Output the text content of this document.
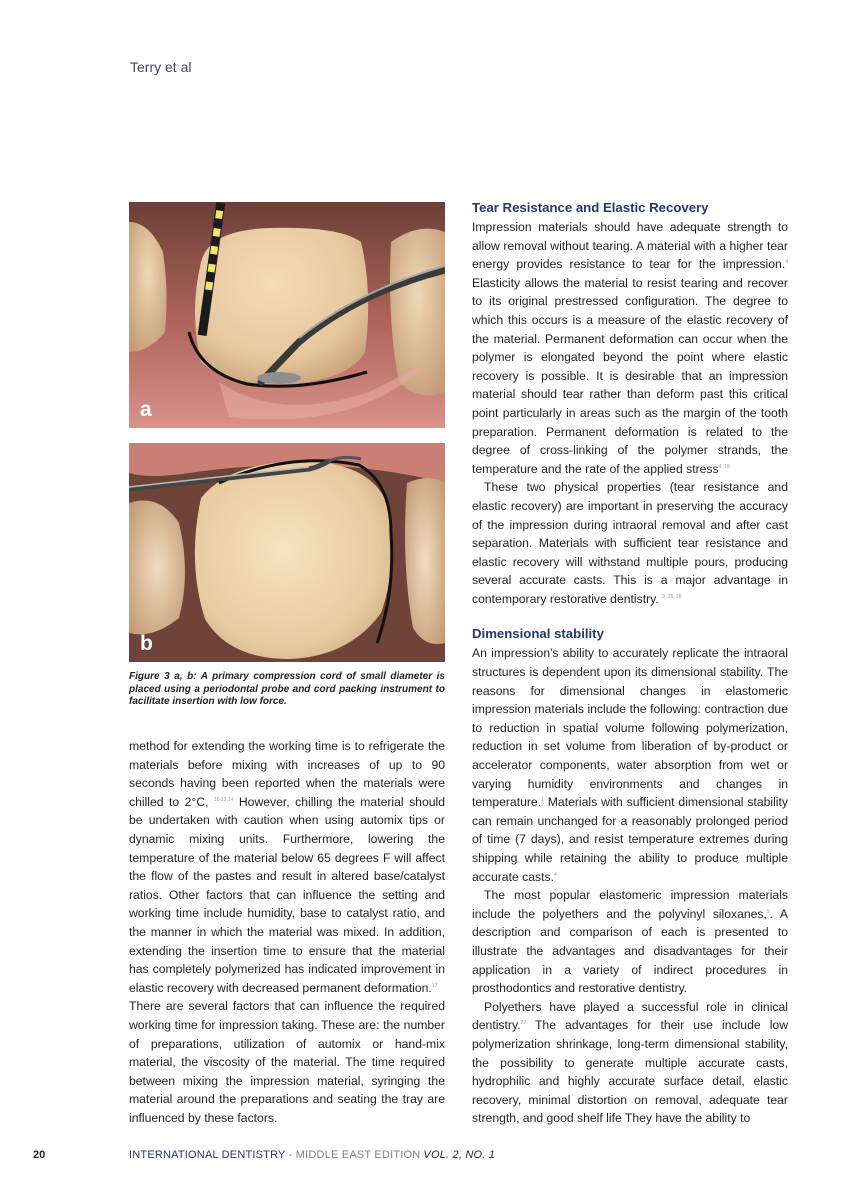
Terry et al
a
b
Figure 3 a, b: A primary compression cord of small diameter is placed using a periodontal probe and cord packing instrument to facilitate insertion with low force.

method for extending the working time is to refrigerate the materials before mixing with increases of up to 90 seconds having been reported when the materials were chilled to 2°C, $^{10,13,14}$ However, chilling the material should be undertaken with caution when using automix tips or dynamic mixing units. Furthermore, lowering the temperature of the material below 65 degrees F will affect the flow of the pastes and result in altered base/catalyst ratios. Other factors that can influence the setting and working time include humidity, base to catalyst ratio, and the manner in which the material was mixed. In addition, extending the insertion time to ensure that the material has completely polymerized has indicated improvement in elastic recovery with decreased permanent deformation.$^{17}$

There are several factors that can influence the required working time for impression taking. These are: the number of preparations, utilization of automix or hand-mix material, the viscosity of the material. The time required between mixing the impression material, syringing the material around the preparations and seating the tray are influenced by these factors.

Tear Resistance and Elastic Recovery

Impression materials should have adequate strength to allow removal without tearing. A material with a higher tear energy provides resistance to tear for the impression.$^4$ Elasticity allows the material to resist tearing and recover to its original prestressed configuration. The degree to which this occurs is a measure of the elastic recovery of the material. Permanent deformation can occur when the polymer is elongated beyond the point where elastic recovery is possible. It is desirable that an impression material should tear rather than deform past this critical point particularly in areas such as the margin of the tooth preparation. Permanent deformation is related to the degree of cross-linking of the polymer strands, the temperature and the rate of the applied stress$^{4, 18}$

These two physical properties (tear resistance and elastic recovery) are important in preserving the accuracy of the impression during intraoral removal and after cast separation. Materials with sufficient tear resistance and elastic recovery will withstand multiple pours, producing several accurate casts. This is a major advantage in contemporary restorative dentistry. $^{9, 25, 26}$

Dimensional stability

An impression's ability to accurately replicate the intraoral structures is dependent upon its dimensional stability. The reasons for dimensional changes in elastomeric impression materials include the following: contraction due to reduction in spatial volume following polymerization, reduction in set volume from liberation of by-product or accelerator components, water absorption from wet or varying humidity environments and changes in temperature.$^1$ Materials with sufficient dimensional stability can remain unchanged for a reasonably prolonged period of time (7 days), and resist temperature extremes during shipping while retaining the ability to produce multiple accurate casts.$^4$

The most popular elastomeric impression materials include the polyethers and the polyvinyl siloxanes,$^5$. A description and comparison of each is presented to illustrate the advantages and disadvantages for their application in a variety of indirect procedures in prosthodontics and restorative dentistry.

Polyethers have played a successful role in clinical dentistry.$^{27}$ The advantages for their use include low polymerization shrinkage, long-term dimensional stability, the possibility to generate multiple accurate casts, hydrophilic and highly accurate surface detail, elastic recovery, minimal distortion on removal, adequate tear strength, and good shelf life They have the ability to

20	INTERNATIONAL DENTISTRY - MIDDLE EAST EDITION VOL. 2, NO. 1
